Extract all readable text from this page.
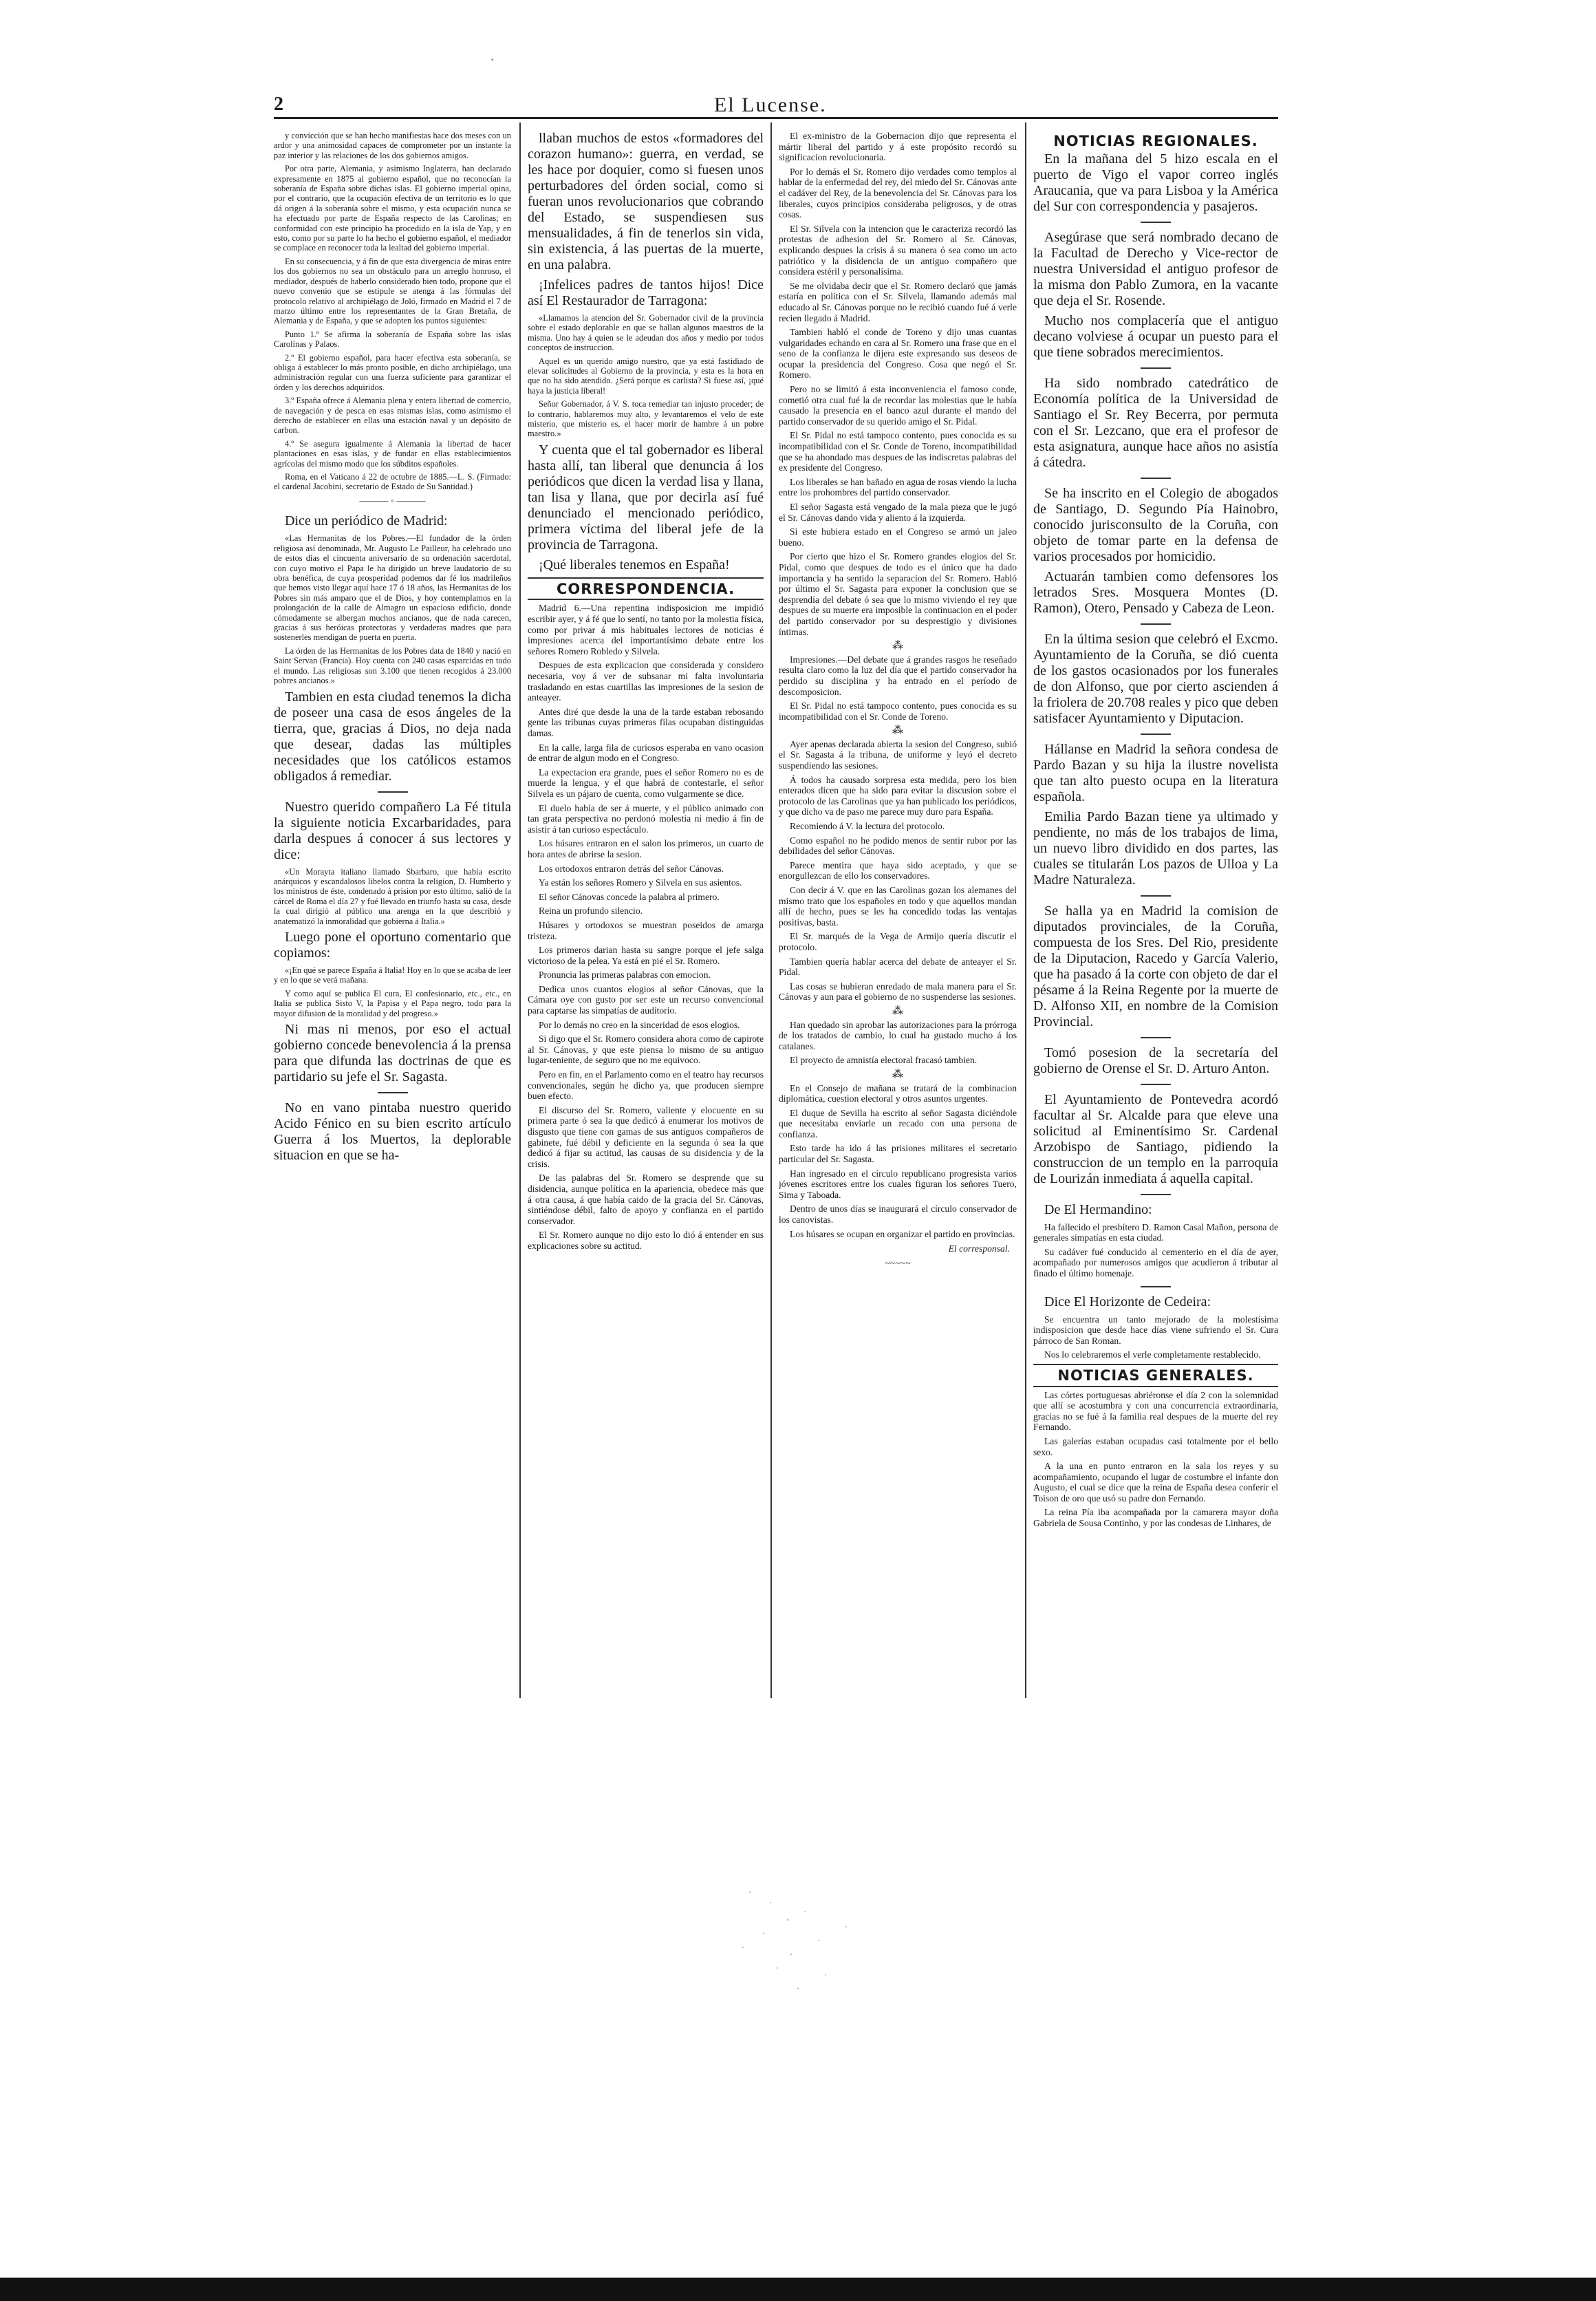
·
2	El Lucense.

y convicción que se han hecho manifiestas hace dos meses con un ardor y una animosidad capaces de comprometer por un instante la paz interior y las relaciones de los dos gobiernos amigos.

Por otra parte, Alemania, y asimismo Inglaterra, han declarado expresamente en 1875 al gobierno español, que no reconocían la soberanía de España sobre dichas islas. El gobierno imperial opina, por el contrario, que la ocupación efectiva de un territorio es lo que dá origen á la soberanía sobre el mismo, y esta ocupación nunca se ha efectuado por parte de España respecto de las Carolinas; en conformidad con este principio ha procedido en la isla de Yap, y en esto, como por su parte lo ha hecho el gobierno español, el mediador se complace en reconocer toda la lealtad del gobierno imperial.

En su consecuencia, y á fin de que esta divergencia de miras entre los dos gobiernos no sea un obstáculo para un arreglo honroso, el mediador, después de haberlo considerado bien todo, propone que el nuevo convenio que se estipule se atenga á las fórmulas del protocolo relativo al archipiélago de Joló, firmado en Madrid el 7 de marzo último entre los representantes de la Gran Bretaña, de Alemania y de España, y que se adopten los puntos siguientes:

Punto 1.º Se afirma la soberanía de España sobre las islas Carolinas y Palaos.

2.º El gobierno español, para hacer efectiva esta soberanía, se obliga á establecer lo más pronto posible, en dicho archipiélago, una administración regular con una fuerza suficiente para garantizar el órden y los derechos adquiridos.

3.º España ofrece á Alemania plena y entera libertad de comercio, de navegación y de pesca en esas mismas islas, como asimismo el derecho de establecer en ellas una estación naval y un depósito de carbon.

4.º Se asegura igualmente á Alemania la libertad de hacer plantaciones en esas islas, y de fundar en ellas establecimientos agrícolas del mismo modo que los súbditos españoles.

Roma, en el Vaticano á 22 de octubre de 1885.—L. S. (Firmado: el cardenal Jacobini, secretario de Estado de Su Santidad.)

——— ◦ ———

Dice un periódico de Madrid:

«Las Hermanitas de los Pobres.—El fundador de la órden religiosa así denominada, Mr. Augusto Le Pailleur, ha celebrado uno de estos días el cincuenta aniversario de su ordenación sacerdotal, con cuyo motivo el Papa le ha dirigido un breve laudatorio de su obra benéfica, de cuya prosperidad podemos dar fé los madrileños que hemos visto llegar aquí hace 17 ó 18 años, las Hermanitas de los Pobres sin más amparo que el de Dios, y hoy contemplamos en la prolongación de la calle de Almagro un espacioso edificio, donde cómodamente se albergan muchos ancianos, que de nada carecen, gracias á sus heróicas protectoras y verdaderas madres que para sostenerles mendigan de puerta en puerta.

La órden de las Hermanitas de los Pobres data de 1840 y nació en Saint Servan (Francia). Hoy cuenta con 240 casas esparcidas en todo el mundo. Las religiosas son 3.100 que tienen recogidos á 23.000 pobres ancianos.»

Tambien en esta ciudad tenemos la dicha de poseer una casa de esos ángeles de la tierra, que, gracias á Dios, no deja nada que desear, dadas las múltiples necesidades que los católicos estamos obligados á remediar.

Nuestro querido compañero La Fé titula la siguiente noticia Excarbaridades, para darla despues á conocer á sus lectores y dice:

«Un Morayta italiano llamado Sbarbaro, que había escrito anárquicos y escandalosos libelos contra la religion, D. Humberto y los ministros de éste, condenado á prision por esto último, salió de la cárcel de Roma el día 27 y fué llevado en triunfo hasta su casa, desde la cual dirigió al público una arenga en la que describió y anatematizó la inmoralidad que gobierna á Italia.»

Luego pone el oportuno comentario que copiamos:

«¡En qué se parece España á Italia! Hoy en lo que se acaba de leer y en lo que se verá mañana.

Y como aquí se publica El cura, El confesionario, etc., etc., en Italia se publica Sisto V, la Papisa y el Papa negro, todo para la mayor difusion de la moralidad y del progreso.»

Ni mas ni menos, por eso el actual gobierno concede benevolencia á la prensa para que difunda las doctrinas de que es partidario su jefe el Sr. Sagasta.

No en vano pintaba nuestro querido Acido Fénico en su bien escrito artículo Guerra á los Muertos, la deplorable situacion en que se ha-

llaban muchos de estos «formadores del corazon humano»: guerra, en verdad, se les hace por doquier, como si fuesen unos perturbadores del órden social, como si fueran unos revolucionarios que cobrando del Estado, se suspendiesen sus mensualidades, á fin de tenerlos sin vida, sin existencia, á las puertas de la muerte, en una palabra.

¡Infelices padres de tantos hijos! Dice así El Restaurador de Tarragona:

«Llamamos la atencion del Sr. Gobernador civil de la provincia sobre el estado deplorable en que se hallan algunos maestros de la misma. Uno hay á quien se le adeudan dos años y medio por todos conceptos de instruccion.

Aquel es un querido amigo nuestro, que ya está fastidiado de elevar solicitudes al Gobierno de la provincia, y esta es la hora en que no ha sido atendido. ¿Será porque es carlista? Si fuese así, ¡qué haya la justicia liberal!

Señor Gobernador, á V. S. toca remediar tan injusto proceder; de lo contrario, hablaremos muy alto, y levantaremos el velo de este misterio, que misterio es, el hacer morir de hambre á un pobre maestro.»

Y cuenta que el tal gobernador es liberal hasta allí, tan liberal que denuncia á los periódicos que dicen la verdad lisa y llana, tan lisa y llana, que por decirla así fué denunciado el mencionado periódico, primera víctima del liberal jefe de la provincia de Tarragona.

¡Qué liberales tenemos en España!

CORRESPONDENCIA.

Madrid 6.—Una repentina indisposicion me impidió escribir ayer, y á fé que lo sentí, no tanto por la molestia física, como por privar á mis habituales lectores de noticias é impresiones acerca del importantísimo debate entre los señores Romero Robledo y Silvela.

Despues de esta explicacion que considerada y considero necesaria, voy á ver de subsanar mi falta involuntaria trasladando en estas cuartillas las impresiones de la sesion de anteayer.

Antes diré que desde la una de la tarde estaban rebosando gente las tribunas cuyas primeras filas ocupaban distinguidas damas.

En la calle, larga fila de curiosos esperaba en vano ocasion de entrar de algun modo en el Congreso.

La expectacion era grande, pues el señor Romero no es de muerde la lengua, y el que habrá de contestarle, el señor Silvela es un pájaro de cuenta, como vulgarmente se dice.

El duelo había de ser á muerte, y el público animado con tan grata perspectiva no perdonó molestia ni medio á fin de asistir á tan curioso espectáculo.

Los húsares entraron en el salon los primeros, un cuarto de hora antes de abrirse la sesion.

Los ortodoxos entraron detrás del señor Cánovas.

Ya están los señores Romero y Silvela en sus asientos.

El señor Cánovas concede la palabra al primero.

Reina un profundo silencio.

Húsares y ortodoxos se muestran poseidos de amarga tristeza.

Los primeros darian hasta su sangre porque el jefe salga victorioso de la pelea. Ya está en pié el Sr. Romero.

Pronuncia las primeras palabras con emocion.

Dedica unos cuantos elogios al señor Cánovas, que la Cámara oye con gusto por ser este un recurso convencional para captarse las simpatías de auditorio.

Por lo demás no creo en la sinceridad de esos elogios.

Si digo que el Sr. Romero considera ahora como de capirote al Sr. Cánovas, y que este piensa lo mismo de su antiguo lugar-teniente, de seguro que no me equivoco.

Pero en fin, en el Parlamento como en el teatro hay recursos convencionales, según he dicho ya, que producen siempre buen efecto.

El discurso del Sr. Romero, valiente y elocuente en su primera parte ó sea la que dedicó á enumerar los motivos de disgusto que tiene con gamas de sus antiguos compañeros de gabinete, fué débil y deficiente en la segunda ó sea la que dedicó á fijar su actitud, las causas de su disidencia y de la crisis.

De las palabras del Sr. Romero se desprende que su disidencia, aunque política en la apariencia, obedece más que á otra causa, á que había caido de la gracia del Sr. Cánovas, sintiéndose débil, falto de apoyo y confianza en el partido conservador.

El Sr. Romero aunque no dijo esto lo dió á entender en sus explicaciones sobre su actitud.

El ex-ministro de la Gobernacion dijo que representa el mártir liberal del partido y á este propósito recordó su significacion revolucionaria.

Por lo demás el Sr. Romero dijo verdades como templos al hablar de la enfermedad del rey, del miedo del Sr. Cánovas ante el cadáver del Rey, de la benevolencia del Sr. Cánovas para los liberales, cuyos principios consideraba peligrosos, y de otras cosas.

El Sr. Silvela con la intencion que le caracteriza recordó las protestas de adhesion del Sr. Romero al Sr. Cánovas, explicando despues la crisis á su manera ó sea como un acto patriótico y la disidencia de un antiguo compañero que considera estéril y personalísima.

Se me olvidaba decir que el Sr. Romero declaró que jamás estaría en política con el Sr. Silvela, llamando además mal educado al Sr. Cánovas porque no le recibió cuando fué á verle recien llegado á Madrid.

Tambien habló el conde de Toreno y dijo unas cuantas vulgaridades echando en cara al Sr. Romero una frase que en el seno de la confianza le dijera este expresando sus deseos de ocupar la presidencia del Congreso. Cosa que negó el Sr. Romero.

Pero no se limitó á esta inconveniencia el famoso conde, cometió otra cual fué la de recordar las molestias que le había causado la presencia en el banco azul durante el mando del partido conservador de su querido amigo el Sr. Pidal.

El Sr. Pidal no está tampoco contento, pues conocida es su incompatibilidad con el Sr. Conde de Toreno, incompatibilidad que se ha ahondado mas despues de las indiscretas palabras del ex presidente del Congreso.

Los liberales se han bañado en agua de rosas viendo la lucha entre los prohombres del partido conservador.

El señor Sagasta está vengado de la mala pieza que le jugó el Sr. Cánovas dando vida y aliento á la izquierda.

Si este hubiera estado en el Congreso se armó un jaleo bueno.

Por cierto que hizo el Sr. Romero grandes elogios del Sr. Pidal, como que despues de todo es el único que ha dado importancia y ha sentido la separacion del Sr. Romero. Habló por último el Sr. Sagasta para exponer la conclusion que se desprendía del debate ó sea que lo mismo viviendo el rey que despues de su muerte era imposible la continuacion en el poder del partido conservador por su desprestigio y divisiones íntimas.

⁂

Impresiones.—Del debate que á grandes rasgos he reseñado resulta claro como la luz del día que el partido conservador ha perdido su disciplina y ha entrado en el período de descomposicion.

El Sr. Pidal no está tampoco contento, pues conocida es su incompatibilidad con el Sr. Conde de Toreno.

⁂

Ayer apenas declarada abierta la sesion del Congreso, subió el Sr. Sagasta á la tribuna, de uniforme y leyó el decreto suspendiendo las sesiones.

Á todos ha causado sorpresa esta medida, pero los bien enterados dicen que ha sido para evitar la discusion sobre el protocolo de las Carolinas que ya han publicado los periódicos, y que dicho va de paso me parece muy duro para España.

Recomiendo á V. la lectura del protocolo.

Como español no he podido menos de sentir rubor por las debilidades del señor Cánovas.

Parece mentira que haya sido aceptado, y que se enorgullezcan de ello los conservadores.

Con decir á V. que en las Carolinas gozan los alemanes del mismo trato que los españoles en todo y que aquellos mandan allí de hecho, pues se les ha concedido todas las ventajas positivas, basta.

El Sr. marqués de la Vega de Armijo quería discutir el protocolo.

Tambien quería hablar acerca del debate de anteayer el Sr. Pidal.

Las cosas se hubieran enredado de mala manera para el Sr. Cánovas y aun para el gobierno de no suspenderse las sesiones.

⁂

Han quedado sin aprobar las autorizaciones para la prórroga de los tratados de cambio, lo cual ha gustado mucho á los catalanes.

El proyecto de amnistía electoral fracasó tambien.

⁂

En el Consejo de mañana se tratará de la combinacion diplomática, cuestion electoral y otros asuntos urgentes.

El duque de Sevilla ha escrito al señor Sagasta diciéndole que necesitaba enviarle un recado con una persona de confianza.

Esto tarde ha ido á las prisiones militares el secretario particular del Sr. Sagasta.

Han ingresado en el círculo republicano progresista varios jóvenes escritores entre los cuales figuran los señores Tuero, Sima y Taboada.

Dentro de unos días se inaugurará el círculo conservador de los canovistas.

Los húsares se ocupan en organizar el partido en provincias.

El corresponsal.
~~~~~
NOTICIAS REGIONALES.

En la mañana del 5 hizo escala en el puerto de Vigo el vapor correo inglés Araucania, que va para Lisboa y la América del Sur con correspondencia y pasajeros.

Asegúrase que será nombrado decano de la Facultad de Derecho y Vice-rector de nuestra Universidad el antiguo profesor de la misma don Pablo Zumora, en la vacante que deja el Sr. Rosende.

Mucho nos complacería que el antiguo decano volviese á ocupar un puesto para el que tiene sobrados merecimientos.

Ha sido nombrado catedrático de Economía política de la Universidad de Santiago el Sr. Rey Becerra, por permuta con el Sr. Lezcano, que era el profesor de esta asignatura, aunque hace años no asistía á cátedra.

Se ha inscrito en el Colegio de abogados de Santiago, D. Segundo Pía Hainobro, conocido jurisconsulto de la Coruña, con objeto de tomar parte en la defensa de varios procesados por homicidio.

Actuarán tambien como defensores los letrados Sres. Mosquera Montes (D. Ramon), Otero, Pensado y Cabeza de Leon.

En la última sesion que celebró el Excmo. Ayuntamiento de la Coruña, se dió cuenta de los gastos ocasionados por los funerales de don Alfonso, que por cierto ascienden á la friolera de 20.708 reales y pico que deben satisfacer Ayuntamiento y Diputacion.

Hállanse en Madrid la señora condesa de Pardo Bazan y su hija la ilustre novelista que tan alto puesto ocupa en la literatura española.

Emilia Pardo Bazan tiene ya ultimado y pendiente, no más de los trabajos de lima, un nuevo libro dividido en dos partes, las cuales se titularán Los pazos de Ulloa y La Madre Naturaleza.

Se halla ya en Madrid la comision de diputados provinciales, de la Coruña, compuesta de los Sres. Del Rio, presidente de la Diputacion, Racedo y García Valerio, que ha pasado á la corte con objeto de dar el pésame á la Reina Regente por la muerte de D. Alfonso XII, en nombre de la Comision Provincial.

Tomó posesion de la secretaría del gobierno de Orense el Sr. D. Arturo Anton.

El Ayuntamiento de Pontevedra acordó facultar al Sr. Alcalde para que eleve una solicitud al Eminentísimo Sr. Cardenal Arzobispo de Santiago, pidiendo la construccion de un templo en la parroquia de Lourizán inmediata á aquella capital.

De El Hermandino:

Ha fallecido el presbítero D. Ramon Casal Mañon, persona de generales simpatías en esta ciudad.

Su cadáver fué conducido al cementerio en el día de ayer, acompañado por numerosos amigos que acudieron á tributar al finado el último homenaje.

Dice El Horizonte de Cedeira:

Se encuentra un tanto mejorado de la molestísima indisposicion que desde hace días viene sufriendo el Sr. Cura párroco de San Roman.

Nos lo celebraremos el verle completamente restablecido.

NOTICIAS GENERALES.

Las córtes portuguesas abriéronse el día 2 con la solemnidad que allí se acostumbra y con una concurrencia extraordinaria, gracias no se fué á la familia real despues de la muerte del rey Fernando.

Las galerías estaban ocupadas casi totalmente por el bello sexo.

A la una en punto entraron en la sala los reyes y su acompañamiento, ocupando el lugar de costumbre el infante don Augusto, el cual se dice que la reina de España desea conferir el Toison de oro que usó su padre don Fernando.

La reina Pía iba acompañada por la camarera mayor doña Gabriela de Sousa Continho, y por las condesas de Linhares, de
